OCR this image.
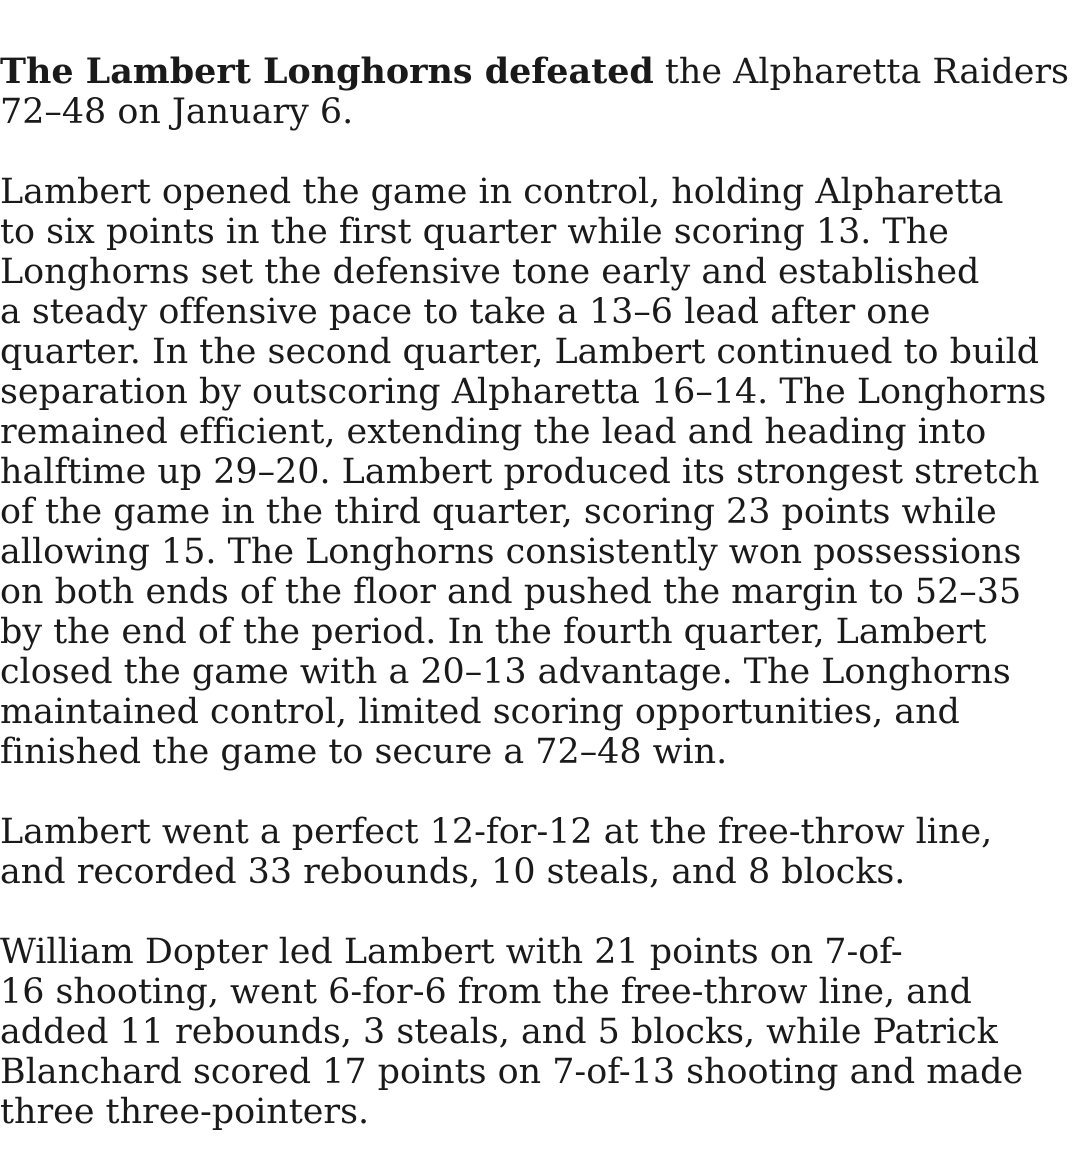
The Lambert Longhorns defeated the Alpharetta Raiders
72–48 on January 6.

Lambert opened the game in control, holding Alpharetta
to six points in the first quarter while scoring 13. The
Longhorns set the defensive tone early and established
a steady offensive pace to take a 13–6 lead after one
quarter. In the second quarter, Lambert continued to build
separation by outscoring Alpharetta 16–14. The Longhorns
remained efficient, extending the lead and heading into
halftime up 29–20. Lambert produced its strongest stretch
of the game in the third quarter, scoring 23 points while
allowing 15. The Longhorns consistently won possessions
on both ends of the floor and pushed the margin to 52–35
by the end of the period. In the fourth quarter, Lambert
closed the game with a 20–13 advantage. The Longhorns
maintained control, limited scoring opportunities, and
finished the game to secure a 72–48 win.

Lambert went a perfect 12-for-12 at the free-throw line,
and recorded 33 rebounds, 10 steals, and 8 blocks.

William Dopter led Lambert with 21 points on 7-of-
16 shooting, went 6-for-6 from the free-throw line, and
added 11 rebounds, 3 steals, and 5 blocks, while Patrick
Blanchard scored 17 points on 7-of-13 shooting and made
three three-pointers.
